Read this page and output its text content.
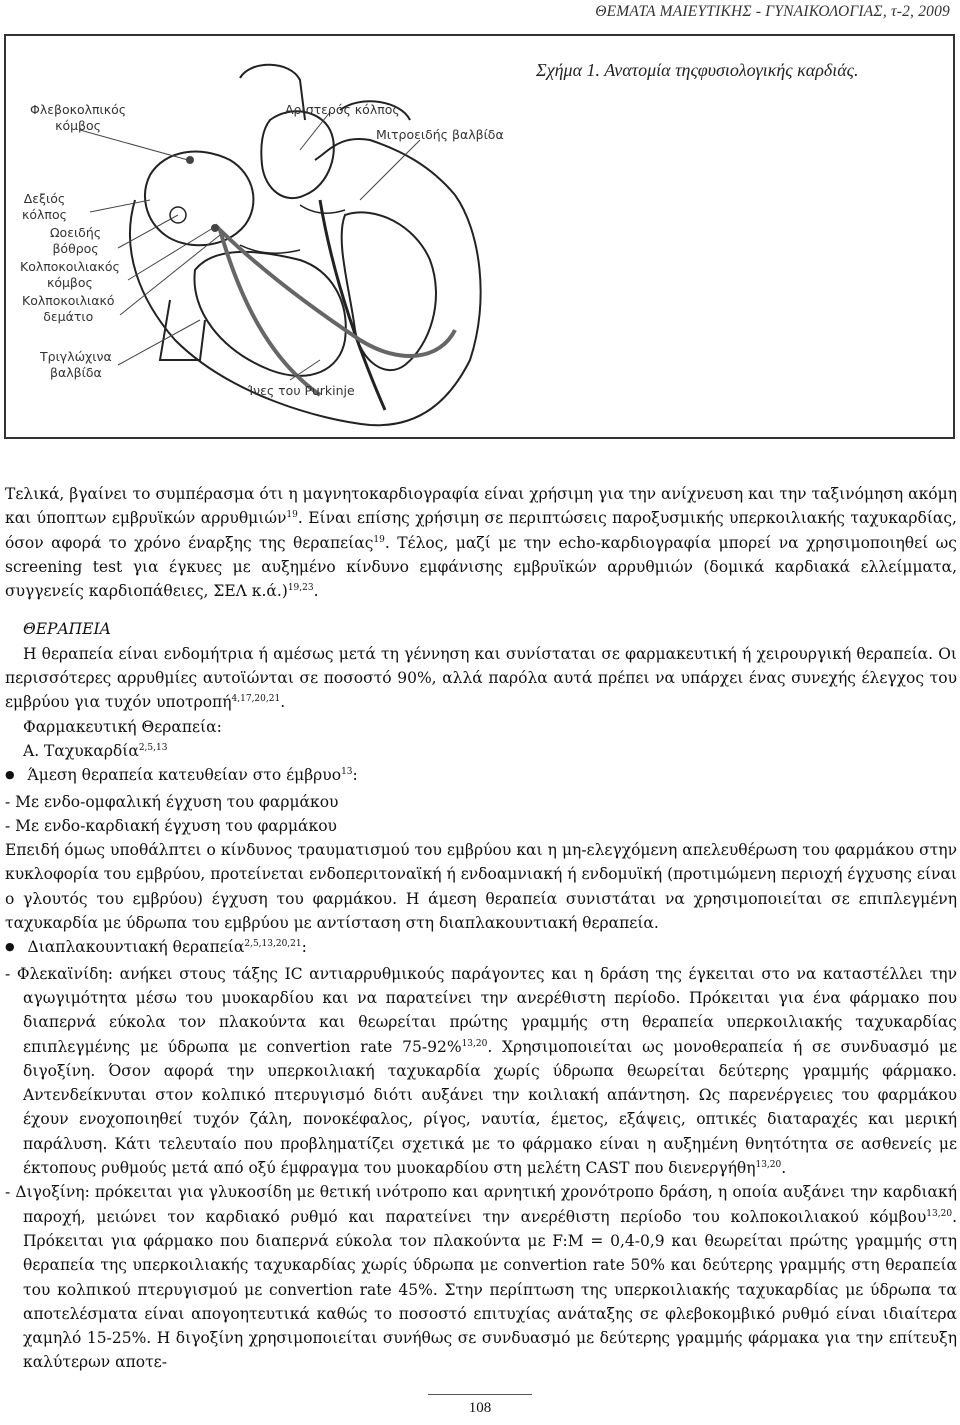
ΘΕΜΑΤΑ ΜΑΙΕΥΤΙΚΗΣ - ΓΥΝΑΙΚΟΛΟΓΙΑΣ, τ-2, 2009
Σχήμα 1. Ανατομία τηςφυσιολογικής καρδιάς.
Φλεβοκολπικός
κόμβος
Αριστερός κόλπος
Μιτροειδής βαλβίδα
Δεξιός
κόλπος
Ωοειδής
βόθρος
Κολποκοιλιακός
κόμβος
Κολποκοιλιακό
δεμάτιο
Τριγλώχινα
βαλβίδα
Ίνες του Purkinje

Τελικά, βγαίνει το συμπέρασμα ότι η μαγνητοκαρδιογραφία είναι χρήσιμη για την ανίχνευση και την ταξινόμηση ακόμη και ύποπτων εμβρυϊκών αρρυθμιών$^{19}$. Είναι επίσης χρήσιμη σε περιπτώσεις παροξυσμικής υπερκοιλιακής ταχυκαρδίας, όσον αφορά το χρόνο έναρξης της θεραπείας$^{19}$. Τέλος, μαζί με την echo-καρδιογραφία μπορεί να χρησιμοποιηθεί ως screening test για έγκυες με αυξημένο κίνδυνο εμφάνισης εμβρυϊκών αρρυθμιών (δομικά καρδιακά ελλείμματα, συγγενείς καρδιοπάθειες, ΣΕΛ κ.ά.)$^{19,23}$.

ΘΕΡΑΠΕΙΑ

Η θεραπεία είναι ενδομήτρια ή αμέσως μετά τη γέννηση και συνίσταται σε φαρμακευτική ή χειρουργική θεραπεία. Οι περισσότερες αρρυθμίες αυτοϊώνται σε ποσοστό 90%, αλλά παρόλα αυτά πρέπει να υπάρχει ένας συνεχής έλεγχος του εμβρύου για τυχόν υποτροπή$^{4,17,20,21}$.

Φαρμακευτική Θεραπεία:

Α. Ταχυκαρδία$^{2,5,13}$

● Άμεση θεραπεία κατευθείαν στο έμβρυο$^{13}$:

- Με ενδο-ομφαλική έγχυση του φαρμάκου

- Με ενδο-καρδιακή έγχυση του φαρμάκου

Επειδή όμως υποθάλπτει ο κίνδυνος τραυματισμού του εμβρύου και η μη-ελεγχόμενη απελευθέρωση του φαρμάκου στην κυκλοφορία του εμβρύου, προτείνεται ενδοπεριτοναϊκή ή ενδοαμνιακή ή ενδομυϊκή (προτιμώμενη περιοχή έγχυσης είναι ο γλουτός του εμβρύου) έγχυση του φαρμάκου. Η άμεση θεραπεία συνιστάται να χρησιμοποιείται σε επιπλεγμένη ταχυκαρδία με ύδρωπα του εμβρύου με αντίσταση στη διαπλακουντιακή θεραπεία.

● Διαπλακουντιακή θεραπεία$^{2,5,13,20,21}$:

- Φλεκαϊνίδη: ανήκει στους τάξης IC αντιαρρυθμικούς παράγοντες και η δράση της έγκειται στο να καταστέλλει την αγωγιμότητα μέσω του μυοκαρδίου και να παρατείνει την ανερέθιστη περίοδο. Πρόκειται για ένα φάρμακο που διαπερνά εύκολα τον πλακούντα και θεωρείται πρώτης γραμμής στη θεραπεία υπερκοιλιακής ταχυκαρδίας επιπλεγμένης με ύδρωπα με convertion rate 75-92%$^{13,20}$. Χρησιμοποιείται ως μονοθεραπεία ή σε συνδυασμό με διγοξίνη. Όσον αφορά την υπερκοιλιακή ταχυκαρδία χωρίς ύδρωπα θεωρείται δεύτερης γραμμής φάρμακο. Αντενδείκνυται στον κολπικό πτερυγισμό διότι αυξάνει την κοιλιακή απάντηση. Ως παρενέργειες του φαρμάκου έχουν ενοχοποιηθεί τυχόν ζάλη, πονοκέφαλος, ρίγος, ναυτία, έμετος, εξάψεις, οπτικές διαταραχές και μερική παράλυση. Κάτι τελευταίο που προβληματίζει σχετικά με το φάρμακο είναι η αυξημένη θνητότητα σε ασθενείς με έκτοπους ρυθμούς μετά από οξύ έμφραγμα του μυοκαρδίου στη μελέτη CAST που διενεργήθη$^{13,20}$.

- Διγοξίνη: πρόκειται για γλυκοσίδη με θετική ινότροπο και αρνητική χρονότροπο δράση, η οποία αυξάνει την καρδιακή παροχή, μειώνει τον καρδιακό ρυθμό και παρατείνει την ανερέθιστη περίοδο του κολποκοιλιακού κόμβου$^{13,20}$. Πρόκειται για φάρμακο που διαπερνά εύκολα τον πλακούντα με F:M = 0,4-0,9 και θεωρείται πρώτης γραμμής στη θεραπεία της υπερκοιλιακής ταχυκαρδίας χωρίς ύδρωπα με convertion rate 50% και δεύτερης γραμμής στη θεραπεία του κολπικού πτερυγισμού με convertion rate 45%. Στην περίπτωση της υπερκοιλιακής ταχυκαρδίας με ύδρωπα τα αποτελέσματα είναι απογοητευτικά καθώς το ποσοστό επιτυχίας ανάταξης σε φλεβοκομβικό ρυθμό είναι ιδιαίτερα χαμηλό 15-25%. Η διγοξίνη χρησιμοποιείται συνήθως σε συνδυασμό με δεύτερης γραμμής φάρμακα για την επίτευξη καλύτερων αποτε-

108
